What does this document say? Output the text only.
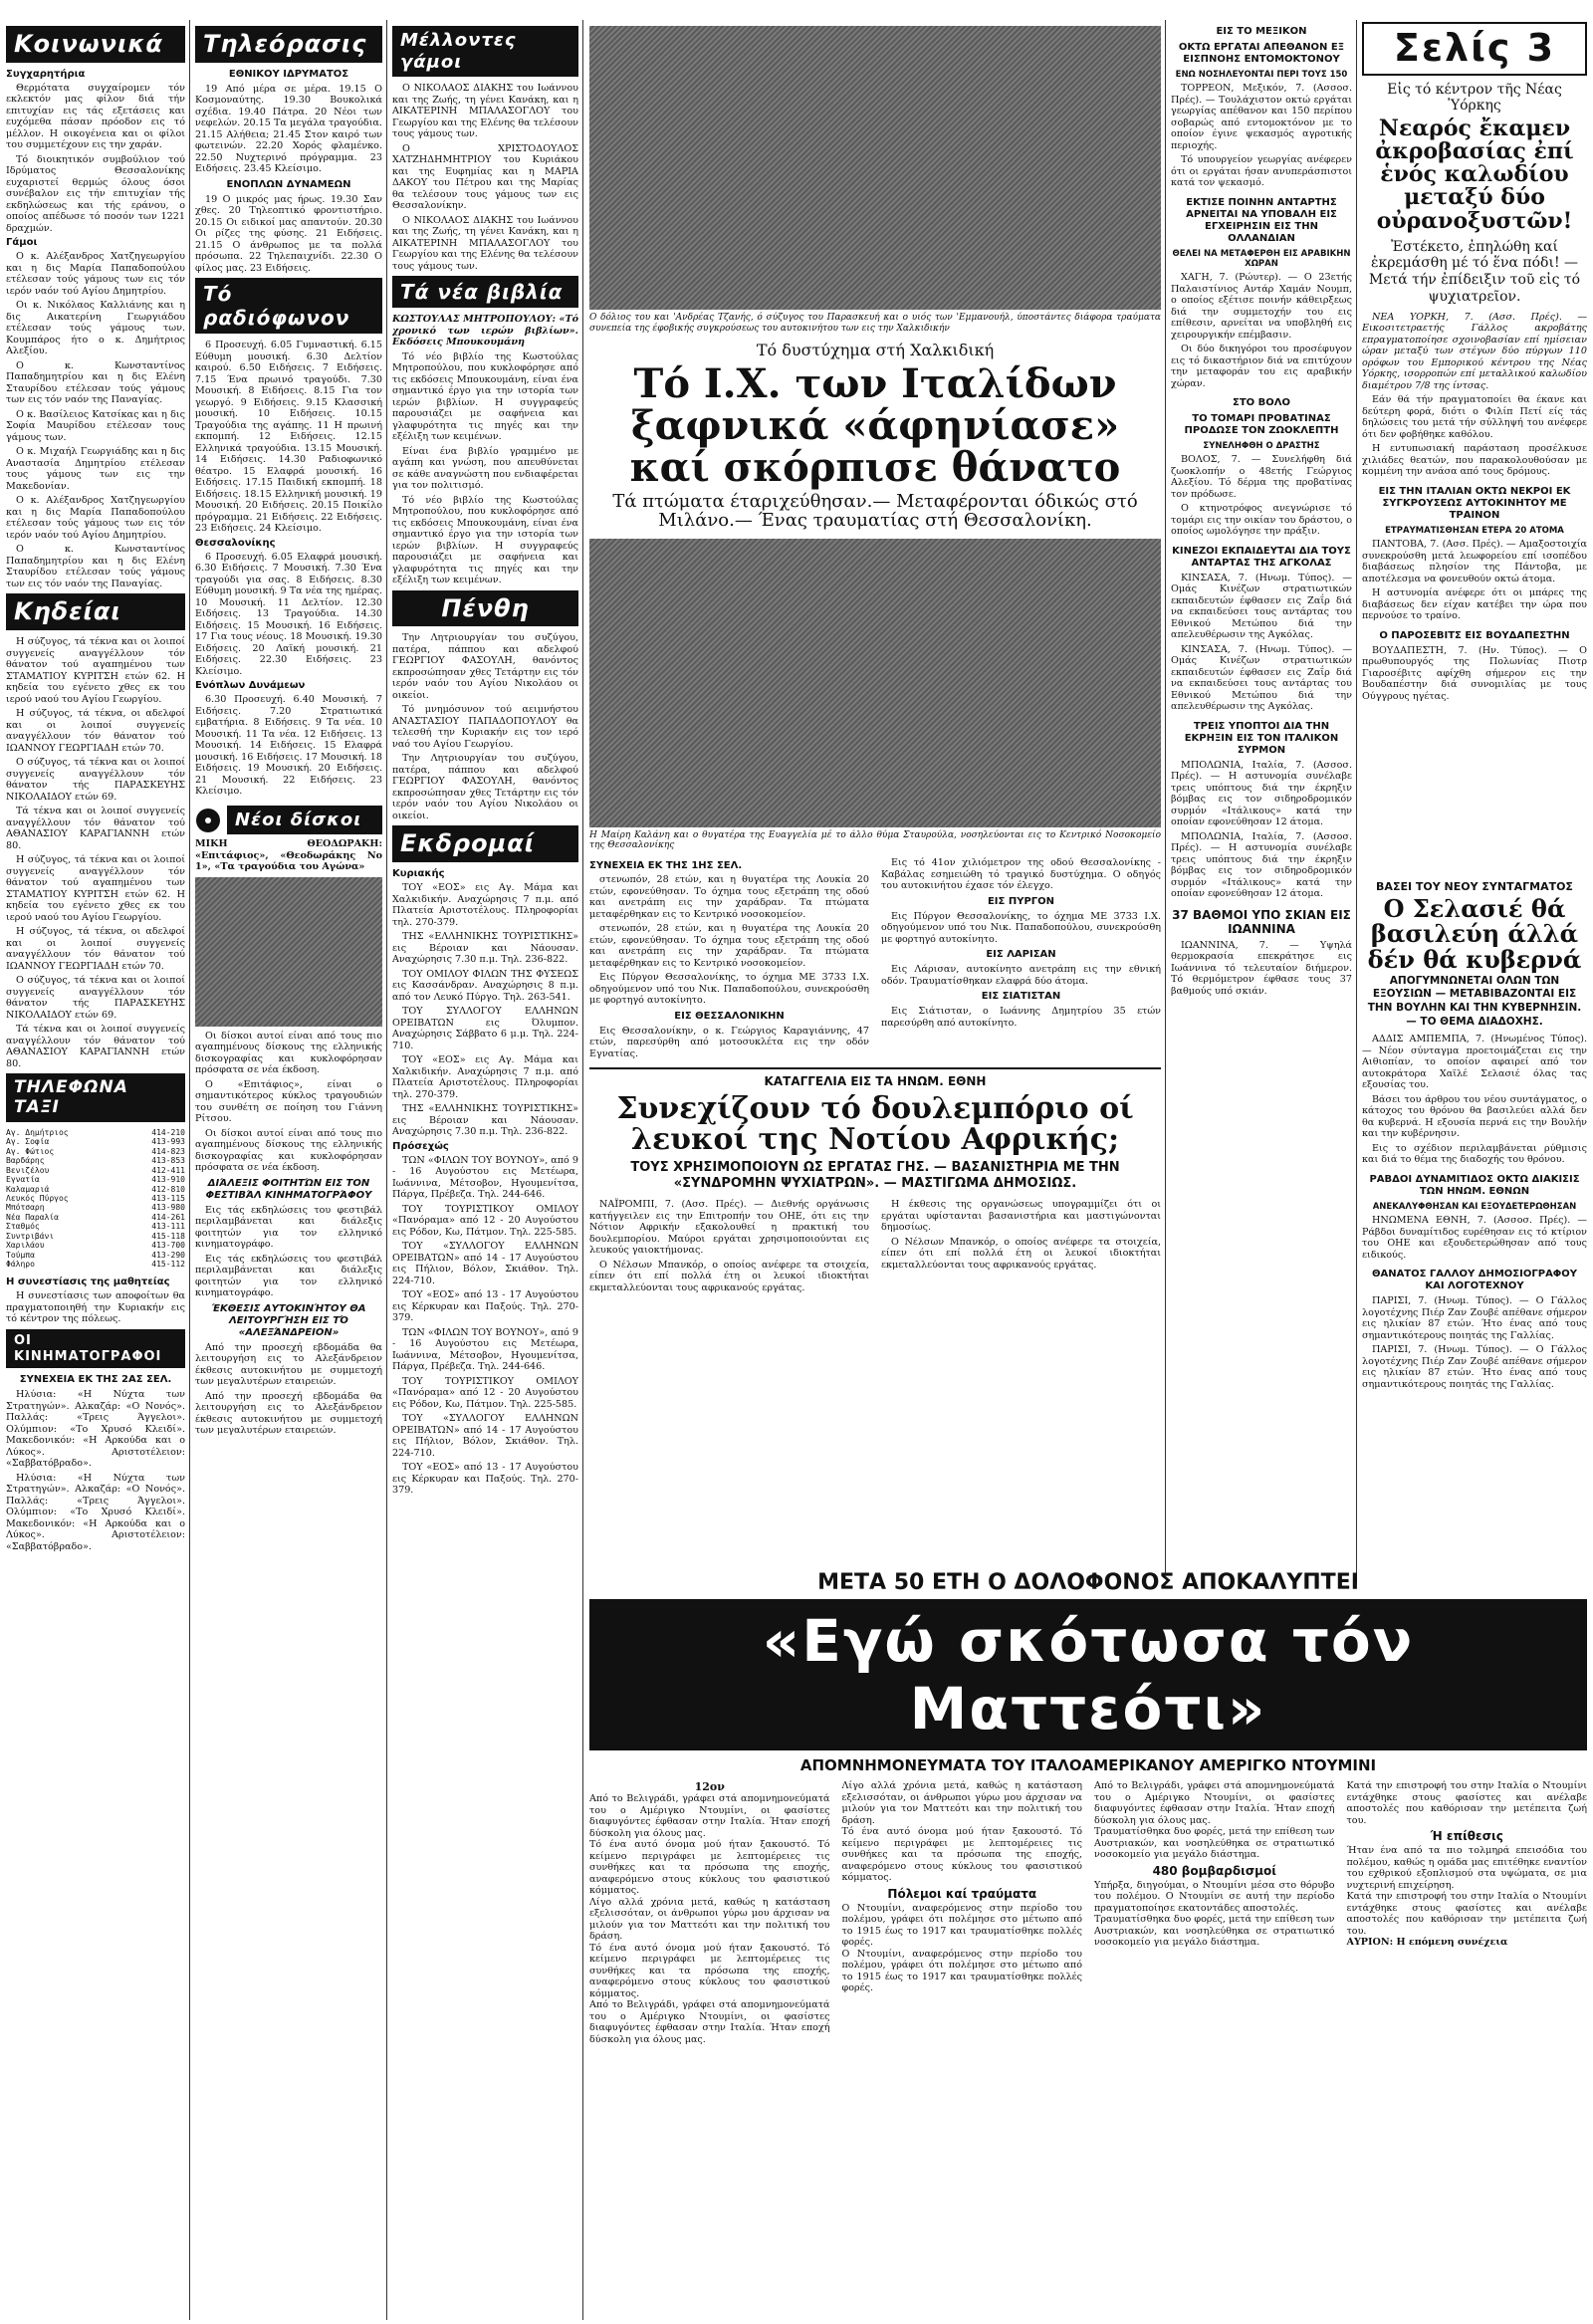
Κοινωνικά
Συγχαρητήρια

Θερμότατα συγχαίρομεν τόν εκλεκτόν μας φίλον διά τήν επιτυχίαν εις τάς εξετάσεις και ευχόμεθα πάσαν πρόοδον εις τό μέλλον. Η οικογένεια και οι φίλοι του συμμετέχουν εις την χαράν.

Τό διοικητικόν συμβούλιον τού Ιδρύματος Θεσσαλονίκης ευχαριστεί θερμώς όλους όσοι συνέβαλον εις τήν επιτυχίαν τής εκδηλώσεως και τής εράνου, ο οποίος απέδωσε τό ποσόν των 1221 δραχμών.

Γάμοι

Ο κ. Αλέξανδρος Χατζηγεωργίου και η δις Μαρία Παπαδοπούλου ετέλεσαν τούς γάμους των εις τόν ιερόν ναόν τού Αγίου Δημητρίου.

Οι κ. Νικόλαος Καλλιάνης και η δις Αικατερίνη Γεωργιάδου ετέλεσαν τούς γάμους των. Κουμπάρος ήτο ο κ. Δημήτριος Αλεξίου.

Ο κ. Κωνσταντίνος Παπαδημητρίου και η δις Ελένη Σταυρίδου ετέλεσαν τούς γάμους των εις τόν ναόν της Παναγίας.

Ο κ. Βασίλειος Κατσίκας και η δις Σοφία Μαυρίδου ετέλεσαν τους γάμους των.

Ο κ. Μιχαήλ Γεωργιάδης και η δις Αναστασία Δημητρίου ετέλεσαν τους γάμους των εις την Μακεδονίαν.

Ο κ. Αλέξανδρος Χατζηγεωργίου και η δις Μαρία Παπαδοπούλου ετέλεσαν τούς γάμους των εις τόν ιερόν ναόν τού Αγίου Δημητρίου.

Ο κ. Κωνσταντίνος Παπαδημητρίου και η δις Ελένη Σταυρίδου ετέλεσαν τούς γάμους των εις τόν ναόν της Παναγίας.

Κηδείαι

Η σύζυγος, τά τέκνα και οι λοιποί συγγενείς αναγγέλλουν τόν θάνατον τού αγαπημένου των ΣΤΑΜΑΤΙΟΥ ΚΥΡΙΤΣΗ ετών 62. Η κηδεία του εγένετο χθες εκ του ιερού ναού του Αγίου Γεωργίου.

Η σύζυγος, τά τέκνα, οι αδελφοί και οι λοιποί συγγενείς αναγγέλλουν τόν θάνατον τού ΙΩΑΝΝΟΥ ΓΕΩΡΓΙΑΔΗ ετών 70.

Ο σύζυγος, τά τέκνα και οι λοιποί συγγενείς αναγγέλλουν τόν θάνατον τής ΠΑΡΑΣΚΕΥΗΣ ΝΙΚΟΛΑΙΔΟΥ ετών 69.

Τά τέκνα και οι λοιποί συγγενείς αναγγέλλουν τόν θάνατον τού ΑΘΑΝΑΣΙΟΥ ΚΑΡΑΓΙΑΝΝΗ ετών 80.

Η σύζυγος, τά τέκνα και οι λοιποί συγγενείς αναγγέλλουν τόν θάνατον τού αγαπημένου των ΣΤΑΜΑΤΙΟΥ ΚΥΡΙΤΣΗ ετών 62. Η κηδεία του εγένετο χθες εκ του ιερού ναού του Αγίου Γεωργίου.

Η σύζυγος, τά τέκνα, οι αδελφοί και οι λοιποί συγγενείς αναγγέλλουν τόν θάνατον τού ΙΩΑΝΝΟΥ ΓΕΩΡΓΙΑΔΗ ετών 70.

Ο σύζυγος, τά τέκνα και οι λοιποί συγγενείς αναγγέλλουν τόν θάνατον τής ΠΑΡΑΣΚΕΥΗΣ ΝΙΚΟΛΑΙΔΟΥ ετών 69.

Τά τέκνα και οι λοιποί συγγενείς αναγγέλλουν τόν θάνατον τού ΑΘΑΝΑΣΙΟΥ ΚΑΡΑΓΙΑΝΝΗ ετών 80.

ΤΗΛΕΦΩΝΑ ΤΑΞΙ
Αγ. Δημήτριος	414-210
Αγ. Σοφία	413-993
Αγ. Φώτιος	414-823
Βαρδάρης	413-853
Βενιζέλου	412-411
Εγνατία	413-910
Καλαμαριά	412-810
Λευκός Πύργος	413-115
Μπότσαρη	413-980
Νέα Παραλία	414-261
Σταθμός	413-111
Συντριβάνι	415-118
Χαριλάου	413-700
Τούμπα	413-290
Φάληρο	415-112
Η συνεστίασις της μαθητείας

Η συνεστίασις των αποφοίτων θα πραγματοποιηθή την Κυριακήν εις τό κέντρον της πόλεως.

ΟΙ ΚΙΝΗΜΑΤΟΓΡΑΦΟΙ
ΣΥΝΕΧΕΙΑ ΕΚ ΤΗΣ 2ΑΣ ΣΕΛ.

Ηλύσια: «Η Νύχτα των Στρατηγών». Αλκαζάρ: «Ο Νονός». Παλλάς: «Τρεις Άγγελοι». Ολύμπιον: «Το Χρυσό Κλειδί». Μακεδονικόν: «Η Αρκούδα και ο Λύκος». Αριστοτέλειον: «Σαββατόβραδο».

Ηλύσια: «Η Νύχτα των Στρατηγών». Αλκαζάρ: «Ο Νονός». Παλλάς: «Τρεις Άγγελοι». Ολύμπιον: «Το Χρυσό Κλειδί». Μακεδονικόν: «Η Αρκούδα και ο Λύκος». Αριστοτέλειον: «Σαββατόβραδο».

Τηλεόρασις
ΕΘΝΙΚΟΥ ΙΔΡΥΜΑΤΟΣ

19 Από μέρα σε μέρα. 19.15 Ο Κοσμοναύτης. 19.30 Βουκολικά σχέδια. 19.40 Πάτρα. 20 Νέοι των νεφελών. 20.15 Τα μεγάλα τραγούδια. 21.15 Αλήθεια; 21.45 Στον καιρό των φωτεινών. 22.20 Χορός φλαμένκο. 22.50 Νυχτερινό πρόγραμμα. 23 Ειδήσεις. 23.45 Κλείσιμο.

ΕΝΟΠΛΩΝ ΔΥΝΑΜΕΩΝ

19 Ο μικρός μας ήρως. 19.30 Σαν χθες. 20 Τηλεοπτικό φροντιστήριο. 20.15 Οι ειδικοί μας απαντούν. 20.30 Οι ρίζες της φύσης. 21 Ειδήσεις. 21.15 Ο άνθρωπος με τα πολλά πρόσωπα. 22 Τηλεπαιχνίδι. 22.30 Ο φίλος μας. 23 Ειδήσεις.

Τό ραδιόφωνον

6 Προσευχή. 6.05 Γυμναστική. 6.15 Εύθυμη μουσική. 6.30 Δελτίον καιρού. 6.50 Ειδήσεις. 7 Ειδήσεις. 7.15 Ένα πρωινό τραγούδι. 7.30 Μουσική. 8 Ειδήσεις. 8.15 Για τον γεωργό. 9 Ειδήσεις. 9.15 Κλασσική μουσική. 10 Ειδήσεις. 10.15 Τραγούδια της αγάπης. 11 Η πρωινή εκπομπή. 12 Ειδήσεις. 12.15 Ελληνικά τραγούδια. 13.15 Μουσική. 14 Ειδήσεις. 14.30 Ραδιοφωνικό θέατρο. 15 Ελαφρά μουσική. 16 Ειδήσεις. 17.15 Παιδική εκπομπή. 18 Ειδήσεις. 18.15 Ελληνική μουσική. 19 Μουσική. 20 Ειδήσεις. 20.15 Ποικίλο πρόγραμμα. 21 Ειδήσεις. 22 Ειδήσεις. 23 Ειδήσεις. 24 Κλείσιμο.

Θεσσαλονίκης

6 Προσευχή. 6.05 Ελαφρά μουσική. 6.30 Ειδήσεις. 7 Μουσική. 7.30 Ένα τραγούδι για σας. 8 Ειδήσεις. 8.30 Εύθυμη μουσική. 9 Τα νέα της ημέρας. 10 Μουσική. 11 Δελτίον. 12.30 Ειδήσεις. 13 Τραγούδια. 14.30 Ειδήσεις. 15 Μουσική. 16 Ειδήσεις. 17 Για τους νέους. 18 Μουσική. 19.30 Ειδήσεις. 20 Λαϊκή μουσική. 21 Ειδήσεις. 22.30 Ειδήσεις. 23 Κλείσιμο.

Ενόπλων Δυνάμεων

6.30 Προσευχή. 6.40 Μουσική. 7 Ειδήσεις. 7.20 Στρατιωτικά εμβατήρια. 8 Ειδήσεις. 9 Τα νέα. 10 Μουσική. 11 Τα νέα. 12 Ειδήσεις. 13 Μουσική. 14 Ειδήσεις. 15 Ελαφρά μουσική. 16 Ειδήσεις. 17 Μουσική. 18 Ειδήσεις. 19 Μουσική. 20 Ειδήσεις. 21 Μουσική. 22 Ειδήσεις. 23 Κλείσιμο.

Νέοι δίσκοι

ΜΙΚΗ ΘΕΟΔΩΡΑΚΗ: «Επιτάφιος», «Θεοδωράκης Νο 1», «Τα τραγούδια του Αγώνα»

Οι δίσκοι αυτοί είναι από τους πιο αγαπημένους δίσκους της ελληνικής δισκογραφίας και κυκλοφόρησαν πρόσφατα σε νέα έκδοση.

Ο «Επιτάφιος», είναι ο σημαντικότερος κύκλος τραγουδιών του συνθέτη σε ποίηση του Γιάννη Ρίτσου.

Οι δίσκοι αυτοί είναι από τους πιο αγαπημένους δίσκους της ελληνικής δισκογραφίας και κυκλοφόρησαν πρόσφατα σε νέα έκδοση.

ΔΙΆΛΕΞΙΣ ΦΟΙΤΗΤΏΝ ΕΙΣ ΤΟΝ ΦΕΣΤΙΒΆΛ ΚΙΝΗΜΑΤΟΓΡΆΦΟΥ

Εις τάς εκδηλώσεις του φεστιβάλ περιλαμβάνεται και διάλεξις φοιτητών για τον ελληνικό κινηματογράφο.

Εις τάς εκδηλώσεις του φεστιβάλ περιλαμβάνεται και διάλεξις φοιτητών για τον ελληνικό κινηματογράφο.

ΈΚΘΕΣΙΣ ΑΥΤΟΚΙΝΉΤΟΥ ΘΑ ΛΕΙΤΟΥΡΓΉΣΗ ΕΙΣ ΤΌ «ΑΛΕΞΆΝΔΡΕΙΟΝ»

Από την προσεχή εβδομάδα θα λειτουργήση εις το Αλεξάνδρειον έκθεσις αυτοκινήτου με συμμετοχή των μεγαλυτέρων εταιρειών.

Από την προσεχή εβδομάδα θα λειτουργήση εις το Αλεξάνδρειον έκθεσις αυτοκινήτου με συμμετοχή των μεγαλυτέρων εταιρειών.

Μέλλοντες γάμοι

Ο ΝΙΚΟΛΑΟΣ ΔΙΑΚΗΣ του Ιωάννου και της Ζωής, τη γένει Κανάκη, και η ΑΙΚΑΤΕΡΙΝΗ ΜΠΑΛΑΣΟΓΛΟΥ του Γεωργίου και της Ελένης θα τελέσουν τους γάμους των.

Ο ΧΡΙΣΤΟΔΟΥΛΟΣ ΧΑΤΖΗΔΗΜΗΤΡΙΟΥ του Κυριάκου και της Ευφημίας και η ΜΑΡΙΑ ΔΑΚΟΥ του Πέτρου και της Μαρίας θα τελέσουν τους γάμους των εις Θεσσαλονίκην.

Ο ΝΙΚΟΛΑΟΣ ΔΙΑΚΗΣ του Ιωάννου και της Ζωής, τη γένει Κανάκη, και η ΑΙΚΑΤΕΡΙΝΗ ΜΠΑΛΑΣΟΓΛΟΥ του Γεωργίου και της Ελένης θα τελέσουν τους γάμους των.

Τά νέα βιβλία

ΚΩΣΤΟΥΛΑΣ ΜΗΤΡΟΠΟΥΛΟΥ: «Τό χρονικό των ιερών βιβλίων». Εκδόσεις Μπουκουμάνη

Τό νέο βιβλίο της Κωστούλας Μητροπούλου, που κυκλοφόρησε από τις εκδόσεις Μπουκουμάνη, είναι ένα σημαντικό έργο για την ιστορία των ιερών βιβλίων. Η συγγραφεύς παρουσιάζει με σαφήνεια και γλαφυρότητα τις πηγές και την εξέλιξη των κειμένων.

Είναι ένα βιβλίο γραμμένο με αγάπη και γνώση, που απευθύνεται σε κάθε αναγνώστη που ενδιαφέρεται για τον πολιτισμό.

Τό νέο βιβλίο της Κωστούλας Μητροπούλου, που κυκλοφόρησε από τις εκδόσεις Μπουκουμάνη, είναι ένα σημαντικό έργο για την ιστορία των ιερών βιβλίων. Η συγγραφεύς παρουσιάζει με σαφήνεια και γλαφυρότητα τις πηγές και την εξέλιξη των κειμένων.

Πένθη

Την Λητριουργίαν του συζύγου, πατέρα, πάππου και αδελφού ΓΕΩΡΓΙΟΥ ΦΑΣΟΥΛΗ, θανόντος εκπροσώπησαν χθες Τετάρτην εις τόν ιερόν ναόν του Αγίου Νικολάου οι οικείοι.

Τό μνημόσυνον τού αειμνήστου ΑΝΑΣΤΑΣΙΟΥ ΠΑΠΑΔΟΠΟΥΛΟΥ θα τελεσθή την Κυριακήν εις τον ιερό ναό του Αγίου Γεωργίου.

Την Λητριουργίαν του συζύγου, πατέρα, πάππου και αδελφού ΓΕΩΡΓΙΟΥ ΦΑΣΟΥΛΗ, θανόντος εκπροσώπησαν χθες Τετάρτην εις τόν ιερόν ναόν του Αγίου Νικολάου οι οικείοι.

Εκδρομαί
Κυριακής

ΤΟΥ «ΕΟΣ» εις Αγ. Μάμα και Χαλκιδικήν. Αναχώρησις 7 π.μ. από Πλατεία Αριστοτέλους. Πληροφορίαι τηλ. 270-379.

ΤΗΣ «ΕΛΛΗΝΙΚΗΣ ΤΟΥΡΙΣΤΙΚΗΣ» εις Βέροιαν και Νάουσαν. Αναχώρησις 7.30 π.μ. Τηλ. 236-822.

ΤΟΥ ΟΜΙΛΟΥ ΦΙΛΩΝ ΤΗΣ ΦΥΣΕΩΣ εις Κασσάνδραν. Αναχώρησις 8 π.μ. από τον Λευκό Πύργο. Τηλ. 263-541.

ΤΟΥ ΣΥΛΛΟΓΟΥ ΕΛΛΗΝΩΝ ΟΡΕΙΒΑΤΩΝ εις Όλυμπον. Αναχώρησις Σάββατο 6 μ.μ. Τηλ. 224-710.

ΤΟΥ «ΕΟΣ» εις Αγ. Μάμα και Χαλκιδικήν. Αναχώρησις 7 π.μ. από Πλατεία Αριστοτέλους. Πληροφορίαι τηλ. 270-379.

ΤΗΣ «ΕΛΛΗΝΙΚΗΣ ΤΟΥΡΙΣΤΙΚΗΣ» εις Βέροιαν και Νάουσαν. Αναχώρησις 7.30 π.μ. Τηλ. 236-822.

Πρόσεχώς

ΤΩΝ «ΦΙΛΩΝ ΤΟΥ ΒΟΥΝΟΥ», από 9 - 16 Αυγούστου εις Μετέωρα, Ιωάννινα, Μέτσοβον, Ηγουμενίτσα, Πάργα, Πρέβεζα. Τηλ. 244-646.

ΤΟΥ ΤΟΥΡΙΣΤΙΚΟΥ ΟΜΙΛΟΥ «Πανόραμα» από 12 - 20 Αυγούστου εις Ρόδον, Κω, Πάτμον. Τηλ. 225-585.

ΤΟΥ «ΣΥΛΛΟΓΟΥ ΕΛΛΗΝΩΝ ΟΡΕΙΒΑΤΩΝ» από 14 - 17 Αυγούστου εις Πήλιον, Βόλον, Σκιάθον. Τηλ. 224-710.

ΤΟΥ «ΕΟΣ» από 13 - 17 Αυγούστου εις Κέρκυραν και Παξούς. Τηλ. 270-379.

ΤΩΝ «ΦΙΛΩΝ ΤΟΥ ΒΟΥΝΟΥ», από 9 - 16 Αυγούστου εις Μετέωρα, Ιωάννινα, Μέτσοβον, Ηγουμενίτσα, Πάργα, Πρέβεζα. Τηλ. 244-646.

ΤΟΥ ΤΟΥΡΙΣΤΙΚΟΥ ΟΜΙΛΟΥ «Πανόραμα» από 12 - 20 Αυγούστου εις Ρόδον, Κω, Πάτμον. Τηλ. 225-585.

ΤΟΥ «ΣΥΛΛΟΓΟΥ ΕΛΛΗΝΩΝ ΟΡΕΙΒΑΤΩΝ» από 14 - 17 Αυγούστου εις Πήλιον, Βόλον, Σκιάθον. Τηλ. 224-710.

ΤΟΥ «ΕΟΣ» από 13 - 17 Αυγούστου εις Κέρκυραν και Παξούς. Τηλ. 270-379.

Ο δόλιος του και 'Ανδρέας Τζανής, ό σύζυγος του Παρασκευή και ο υιός των 'Εμμανουήλ, ύποστάντες διάφορα τραύματα συνεπεία της έφοβικής συγκρούσεως του αυτοκινήτου των εις την Χαλκιδικήν
Τό δυστύχημα στή Χαλκιδική
Τό Ι.Χ. των Ιταλίδων ξαφνικά «άφηνίασε» καί σκόρπισε θάνατο
Τά πτώματα έταριχεύθησαν.— Μεταφέρονται όδικώς στό Μιλάνο.— Ένας τραυματίας στή Θεσσαλονίκη.
Η Μαίρη Καλάνη και ο θυγατέρα της Ευαγγελία μέ το άλλο θύμα Σταυρούλα, νοσηλεύονται εις το Κεντρικό Νοσοκομείο της Θεσσαλονίκης
ΣΥΝΕΧΕΙΑ ΕΚ ΤΗΣ 1ΗΣ ΣΕΛ.

στενωπόν, 28 ετών, και η θυγατέρα της Λουκία 20 ετών, εφονεύθησαν. Το όχημα τους εξετράπη της οδού και ανετράπη εις την χαράδραν. Τα πτώματα μεταφέρθηκαν εις το Κεντρικό νοσοκομείον.

στενωπόν, 28 ετών, και η θυγατέρα της Λουκία 20 ετών, εφονεύθησαν. Το όχημα τους εξετράπη της οδού και ανετράπη εις την χαράδραν. Τα πτώματα μεταφέρθηκαν εις το Κεντρικό νοσοκομείον.

Εις Πύργον Θεσσαλονίκης, το όχημα ΜΕ 3733 Ι.Χ. οδηγούμενον υπό του Νικ. Παπαδοπούλου, συνεκρούσθη με φορτηγό αυτοκίνητο.

ΕΙΣ ΘΕΣΣΑΛΟΝΙΚΗΝ

Εις Θεσσαλονίκην, ο κ. Γεώργιος Καραγιάννης, 47 ετών, παρεσύρθη από μοτοσυκλέτα εις την οδόν Εγνατίας.

Εις τό 41ον χιλιόμετρον της οδού Θεσσαλονίκης - Καβάλας εσημειώθη τό τραγικό δυστύχημα. Ο οδηγός του αυτοκινήτου έχασε τόν έλεγχο.

ΕΙΣ ΠΥΡΓΟΝ

Εις Πύργον Θεσσαλονίκης, το όχημα ΜΕ 3733 Ι.Χ. οδηγούμενον υπό του Νικ. Παπαδοπούλου, συνεκρούσθη με φορτηγό αυτοκίνητο.

ΕΙΣ ΛΑΡΙΣΑΝ

Εις Λάρισαν, αυτοκίνητο ανετράπη εις την εθνική οδόν. Τραυματίσθηκαν ελαφρά δύο άτομα.

ΕΙΣ ΣΙΑΤΙΣΤΑΝ

Εις Σιάτισταν, ο Ιωάννης Δημητρίου 35 ετών παρεσύρθη από αυτοκίνητο.

ΚΑΤΑΓΓΕΛΙΑ ΕΙΣ ΤΑ ΗΝΩΜ. ΕΘΝΗ
Συνεχίζουν τό δουλεμπόριο οί λευκοί της Νοτίου Αφρικής;
ΤΟΥΣ ΧΡΗΣΙΜΟΠΟΙΟΥΝ ΩΣ ΕΡΓΑΤΑΣ ΓΗΣ. — ΒΑΣΑΝΙΣΤΗΡΙΑ ΜΕ ΤΗΝ «ΣΥΝΔΡΟΜΗΝ ΨΥΧΙΑΤΡΩΝ». — ΜΑΣΤΙΓΩΜΑ ΔΗΜΟΣΙΩΣ.

ΝΑΪΡΟΜΠΙ, 7. (Ασσ. Πρές). — Διεθνής οργάνωσις κατήγγειλεν εις την Επιτροπήν του ΟΗΕ, ότι εις την Νότιον Αφρικήν εξακολουθεί η πρακτική του δουλεμπορίου. Μαύροι εργάται χρησιμοποιούνται εις λευκούς γαιοκτήμονας.

Ο Νέλσων Μπανκόρ, ο οποίος ανέφερε τα στοιχεία, είπεν ότι επί πολλά έτη οι λευκοί ιδιοκτήται εκμεταλλεύονται τους αφρικανούς εργάτας.

Η έκθεσις της οργανώσεως υπογραμμίζει ότι οι εργάται υφίστανται βασανιστήρια και μαστιγώνονται δημοσίως.

Ο Νέλσων Μπανκόρ, ο οποίος ανέφερε τα στοιχεία, είπεν ότι επί πολλά έτη οι λευκοί ιδιοκτήται εκμεταλλεύονται τους αφρικανούς εργάτας.

ΕΙΣ ΤΟ ΜΕΞΙΚΟΝ
ΟΚΤΩ ΕΡΓΑΤΑΙ ΑΠΕΘΑΝΟΝ ΕΞ ΕΙΣΠΝΟΗΣ ΕΝΤΟΜΟΚΤΟΝΟΥ
ΕΝΩ ΝΟΣΗΛΕΥΟΝΤΑΙ ΠΕΡΙ ΤΟΥΣ 150

ΤΟΡΡΕΟΝ, Μεξικόν, 7. (Ασσοσ. Πρές). — Τουλάχιστον οκτώ εργάται γεωργίας απέθανον και 150 περίπου σοβαρώς από εντομοκτόνον με το οποίον έγινε ψεκασμός αγροτικής περιοχής.

Τό υπουργείον γεωργίας ανέφερεν ότι οι εργάται ήσαν ανυπεράσπιστοι κατά τον ψεκασμό.

ΕΚΤΙΣΕ ΠΟΙΝΗΝ ΑΝΤΑΡΤΗΣ ΑΡΝΕΙΤΑΙ ΝΑ ΥΠΟΒΑΛΗ ΕΙΣ ΕΓΧΕΙΡΗΣΙΝ ΕΙΣ ΤΗΝ ΟΛΛΑΝΔΙΑΝ
ΘΕΛΕΙ ΝΑ ΜΕΤΑΦΕΡΘΗ ΕΙΣ ΑΡΑΒΙΚΗΝ ΧΩΡΑΝ

ΧΑΓΗ, 7. (Ρώυτερ). — Ο 23ετής Παλαιστίνιος Αντάρ Χαμάν Νουμπ, ο οποίος εξέτισε ποινήν κάθειρξεως διά την συμμετοχήν του εις επίθεσιν, αρνείται να υποβληθή εις χειρουργικήν επέμβασιν.

Οι δύο δικηγόροι του προσέφυγον εις τό δικαστήριον διά να επιτύχουν την μεταφοράν του εις αραβικήν χώραν.

ΣΤΟ ΒΟΛΟ
ΤΟ ΤΟΜΑΡΙ ΠΡΟΒΑΤΙΝΑΣ ΠΡΟΔΩΣΕ ΤΟΝ ΖΩΟΚΛΕΠΤΗ
ΣΥΝΕΛΗΦΘΗ Ο ΔΡΑΣΤΗΣ

ΒΟΛΟΣ, 7. — Συνελήφθη διά ζωοκλοπήν ο 48ετής Γεώργιος Αλεξίου. Τό δέρμα της προβατίνας τον πρόδωσε.

Ο κτηνοτρόφος ανεγνώρισε τό τομάρι εις την οικίαν του δράστου, ο οποίος ωμολόγησε την πράξιν.

ΚΙΝΕΖΟΙ ΕΚΠΑΙΔΕΥΤΑΙ ΔΙΑ ΤΟΥΣ ΑΝΤΑΡΤΑΣ ΤΗΣ ΑΓΚΟΛΑΣ

ΚΙΝΣΑΣΑ, 7. (Ηνωμ. Τύπος). — Ομάς Κινέζων στρατιωτικών εκπαιδευτών έφθασεν εις Ζαΐρ διά να εκπαιδεύσει τους αντάρτας του Εθνικού Μετώπου διά την απελευθέρωσιν της Αγκόλας.

ΚΙΝΣΑΣΑ, 7. (Ηνωμ. Τύπος). — Ομάς Κινέζων στρατιωτικών εκπαιδευτών έφθασεν εις Ζαΐρ διά να εκπαιδεύσει τους αντάρτας του Εθνικού Μετώπου διά την απελευθέρωσιν της Αγκόλας.

ΤΡΕΙΣ ΥΠΟΠΤΟΙ ΔΙΑ ΤΗΝ ΕΚΡΗΞΙΝ ΕΙΣ ΤΟΝ ΙΤΑΛΙΚΟΝ ΣΥΡΜΟΝ

ΜΠΟΛΩΝΙΑ, Ιταλία, 7. (Ασσοσ. Πρές). — Η αστυνομία συνέλαβε τρεις υπόπτους διά την έκρηξιν βόμβας εις τον σιδηροδρομικόν συρμόν «Ιτάλικους» κατά την οποίαν εφονεύθησαν 12 άτομα.

ΜΠΟΛΩΝΙΑ, Ιταλία, 7. (Ασσοσ. Πρές). — Η αστυνομία συνέλαβε τρεις υπόπτους διά την έκρηξιν βόμβας εις τον σιδηροδρομικόν συρμόν «Ιτάλικους» κατά την οποίαν εφονεύθησαν 12 άτομα.

37 ΒΑΘΜΟΙ ΥΠΟ ΣΚΙΑΝ ΕΙΣ ΙΩΑΝΝΙΝΑ

ΙΩΑΝΝΙΝΑ, 7. — Υψηλά θερμοκρασία επεκράτησε εις Ιωάννινα τό τελευταίον διήμερον. Τό θερμόμετρον έφθασε τους 37 βαθμούς υπό σκιάν.

Σελίς 3
Εἰς τό κέντρον τῆς Νέας Ὑόρκης
Νεαρός ἔκαμεν ἀκροβασίας ἐπί ἑνός καλωδίου μεταξύ δύο οὐρανοξυστῶν!
Ἐστέκετο, ἐπηλώθη καί ἐκρεμάσθη μέ τό ἕνα πόδι! — Μετά τήν ἐπίδειξιν τοῦ εἰς τό ψυχιατρεῖον.

ΝΕΑ ΥΟΡΚΗ, 7. (Ασσ. Πρές). — Εικοσιτετραετής Γάλλος ακροβάτης επραγματοποίησε σχοινοβασίαν επί ημίσειαν ώραν μεταξύ των στέγων δύο πύργων 110 ορόφων του Εμπορικού κέντρου της Νέας Υόρκης, ισορροπών επί μεταλλικού καλωδίου διαμέτρου 7/8 της ίντσας.

Εάν θά τήν πραγματοποίει θα έκανε και δεύτερη φορά, διότι ο Φιλίπ Πετί είς τάς δηλώσεις του μετά τήν σύλληψή του ανέφερε ότι δεν φοβήθηκε καθόλου.

Η εντυπωσιακή παράσταση προσέλκυσε χιλιάδες θεατών, που παρακολουθούσαν με κομμένη την ανάσα από τους δρόμους.

ΕΙΣ ΤΗΝ ΙΤΑΛΙΑΝ ΟΚΤΩ ΝΕΚΡΟΙ ΕΚ ΣΥΓΚΡΟΥΣΕΩΣ ΑΥΤΟΚΙΝΗΤΟΥ ΜΕ ΤΡΑΙΝΟΝ
ΕΤΡΑΥΜΑΤΙΣΘΗΣΑΝ ΕΤΕΡΑ 20 ΑΤΟΜΑ

ΠΑΝΤΟΒΑ, 7. (Ασσ. Πρές). — Αμαξοστοιχία συνεκρούσθη μετά λεωφορείου επί ισοπέδου διαβάσεως πλησίον της Πάντοβα, με αποτέλεσμα να φονευθούν οκτώ άτομα.

Η αστυνομία ανέφερε ότι οι μπάρες της διαβάσεως δεν είχαν κατέβει την ώρα που περνούσε το τραίνο.

Ο ΠΑΡΟΣΕΒΙΤΣ ΕΙΣ ΒΟΥΔΑΠΕΣΤΗΝ

ΒΟΥΔΑΠΕΣΤΗ, 7. (Ην. Τύπος). — Ο πρωθυπουργός της Πολωνίας Πιοτρ Γιαροσέβιτς αφίχθη σήμερον εις την Βουδαπέστην διά συνομιλίας με τους Ούγγρους ηγέτας.

ΒΑΣΕΙ ΤΟΥ ΝΕΟΥ ΣΥΝΤΑΓΜΑΤΟΣ
Ο Σελασιέ θά βασιλεύη άλλά δέν θά κυβερνά
ΑΠΟΓΥΜΝΩΝΕΤΑΙ ΟΛΩΝ ΤΩΝ ΕΞΟΥΣΙΩΝ — ΜΕΤΑΒΙΒΑΖΟΝΤΑΙ ΕΙΣ ΤΗΝ ΒΟΥΛΗΝ ΚΑΙ ΤΗΝ ΚΥΒΕΡΝΗΣΙΝ. — ΤΟ ΘΕΜΑ ΔΙΑΔΟΧΗΣ.

ΑΔΔΙΣ ΑΜΠΕΜΠΑ, 7. (Ηνωμένος Τύπος). — Νέον σύνταγμα προετοιμάζεται εις την Αιθιοπίαν, το οποίον αφαιρεί από τον αυτοκράτορα Χαϊλέ Σελασιέ όλας τας εξουσίας του.

Βάσει του άρθρου του νέου συντάγματος, ο κάτοχος του θρόνου θα βασιλεύει αλλά δεν θα κυβερνά. Η εξουσία περνά εις την Βουλήν και την κυβέρνησιν.

Εις το σχέδιον περιλαμβάνεται ρύθμισις και διά το θέμα της διαδοχής του θρόνου.

ΡΑΒΔΟΙ ΔΥΝΑΜΙΤΙΔΟΣ ΟΚΤΩ ΔΙΑΚΙΣΙΣ ΤΩΝ ΗΝΩΜ. ΕΘΝΩΝ
ΑΝΕΚΑΛΥΦΘΗΣΑΝ ΚΑΙ ΕΞΟΥΔΕΤΕΡΩΘΗΣΑΝ

ΗΝΩΜΕΝΑ ΕΘΝΗ, 7. (Ασσοσ. Πρές). — Ράβδοι δυναμίτιδος ευρέθησαν εις τό κτίριον του ΟΗΕ και εξουδετερώθησαν από τους ειδικούς.

ΘΑΝΑΤΟΣ ΓΑΛΛΟΥ ΔΗΜΟΣΙΟΓΡΑΦΟΥ ΚΑΙ ΛΟΓΟΤΕΧΝΟΥ

ΠΑΡΙΣΙ, 7. (Ηνωμ. Τύπος). — Ο Γάλλος λογοτέχνης Πιέρ Ζαν Ζουβέ απέθανε σήμερον εις ηλικίαν 87 ετών. Ήτο ένας από τους σημαντικότερους ποιητάς της Γαλλίας.

ΠΑΡΙΣΙ, 7. (Ηνωμ. Τύπος). — Ο Γάλλος λογοτέχνης Πιέρ Ζαν Ζουβέ απέθανε σήμερον εις ηλικίαν 87 ετών. Ήτο ένας από τους σημαντικότερους ποιητάς της Γαλλίας.

ΜΕΤΑ 50 ΕΤΗ Ο ΔΟΛΟΦΟΝΟΣ ΑΠΟΚΑΛΥΠΤΕΙ
«Εγώ σκότωσα τόν Ματτεότι»
ΑΠΟΜΝΗΜΟΝΕΥΜΑΤΑ ΤΟΥ ΙΤΑΛΟΑΜΕΡΙΚΑΝΟΥ ΑΜΕΡΙΓΚΟ ΝΤΟΥΜΙΝΙ
12ον

Από το Βελιγράδι, γράφει στά απομνημονεύματά του ο Αμέριγκο Ντουμίνι, οι φασίστες διαφυγόντες έφθασαν στην Ιταλία. Ήταν εποχή δύσκολη για όλους μας.

Τό ένα αυτό όνομα μού ήταν ξακουστό. Τό κείμενο περιγράφει με λεπτομέρειες τις συνθήκες και τα πρόσωπα της εποχής, αναφερόμενο στους κύκλους του φασιστικού κόμματος.

Λίγο αλλά χρόνια μετά, καθώς η κατάσταση εξελισσόταν, οι άνθρωποι γύρω μου άρχισαν να μιλούν για τον Ματτεότι και την πολιτική του δράση.

Τό ένα αυτό όνομα μού ήταν ξακουστό. Τό κείμενο περιγράφει με λεπτομέρειες τις συνθήκες και τα πρόσωπα της εποχής, αναφερόμενο στους κύκλους του φασιστικού κόμματος.

Από το Βελιγράδι, γράφει στά απομνημονεύματά του ο Αμέριγκο Ντουμίνι, οι φασίστες διαφυγόντες έφθασαν στην Ιταλία. Ήταν εποχή δύσκολη για όλους μας.

Λίγο αλλά χρόνια μετά, καθώς η κατάσταση εξελισσόταν, οι άνθρωποι γύρω μου άρχισαν να μιλούν για τον Ματτεότι και την πολιτική του δράση.

Τό ένα αυτό όνομα μού ήταν ξακουστό. Τό κείμενο περιγράφει με λεπτομέρειες τις συνθήκες και τα πρόσωπα της εποχής, αναφερόμενο στους κύκλους του φασιστικού κόμματος.

Πόλεμοι καί τραύματα

Ο Ντουμίνι, αναφερόμενος στην περίοδο του πολέμου, γράφει ότι πολέμησε στο μέτωπο από το 1915 έως το 1917 και τραυματίσθηκε πολλές φορές.

Ο Ντουμίνι, αναφερόμενος στην περίοδο του πολέμου, γράφει ότι πολέμησε στο μέτωπο από το 1915 έως το 1917 και τραυματίσθηκε πολλές φορές.

Από το Βελιγράδι, γράφει στά απομνημονεύματά του ο Αμέριγκο Ντουμίνι, οι φασίστες διαφυγόντες έφθασαν στην Ιταλία. Ήταν εποχή δύσκολη για όλους μας.

Τραυματίσθηκα δυο φορές, μετά την επίθεση των Αυστριακών, και νοσηλεύθηκα σε στρατιωτικό νοσοκομείο για μεγάλο διάστημα.

480 βομβαρδισμοί

Υπήρξα, διηγούμαι, ο Ντουμίνι μέσα στο θόρυβο του πολέμου. Ο Ντουμίνι σε αυτή την περίοδο πραγματοποίησε εκατοντάδες αποστολές.

Τραυματίσθηκα δυο φορές, μετά την επίθεση των Αυστριακών, και νοσηλεύθηκα σε στρατιωτικό νοσοκομείο για μεγάλο διάστημα.

Κατά την επιστροφή του στην Ιταλία ο Ντουμίνι εντάχθηκε στους φασίστες και ανέλαβε αποστολές που καθόρισαν την μετέπειτα ζωή του.

Ή επίθεσις

Ήταν ένα από τα πιο τολμηρά επεισόδια του πολέμου, καθώς η ομάδα μας επιτέθηκε εναντίον του εχθρικού εξοπλισμού στα υψώματα, σε μια νυχτερινή επιχείρηση.

Κατά την επιστροφή του στην Ιταλία ο Ντουμίνι εντάχθηκε στους φασίστες και ανέλαβε αποστολές που καθόρισαν την μετέπειτα ζωή του.

ΑΥΡΙΟΝ: Η επόμενη συνέχεια
